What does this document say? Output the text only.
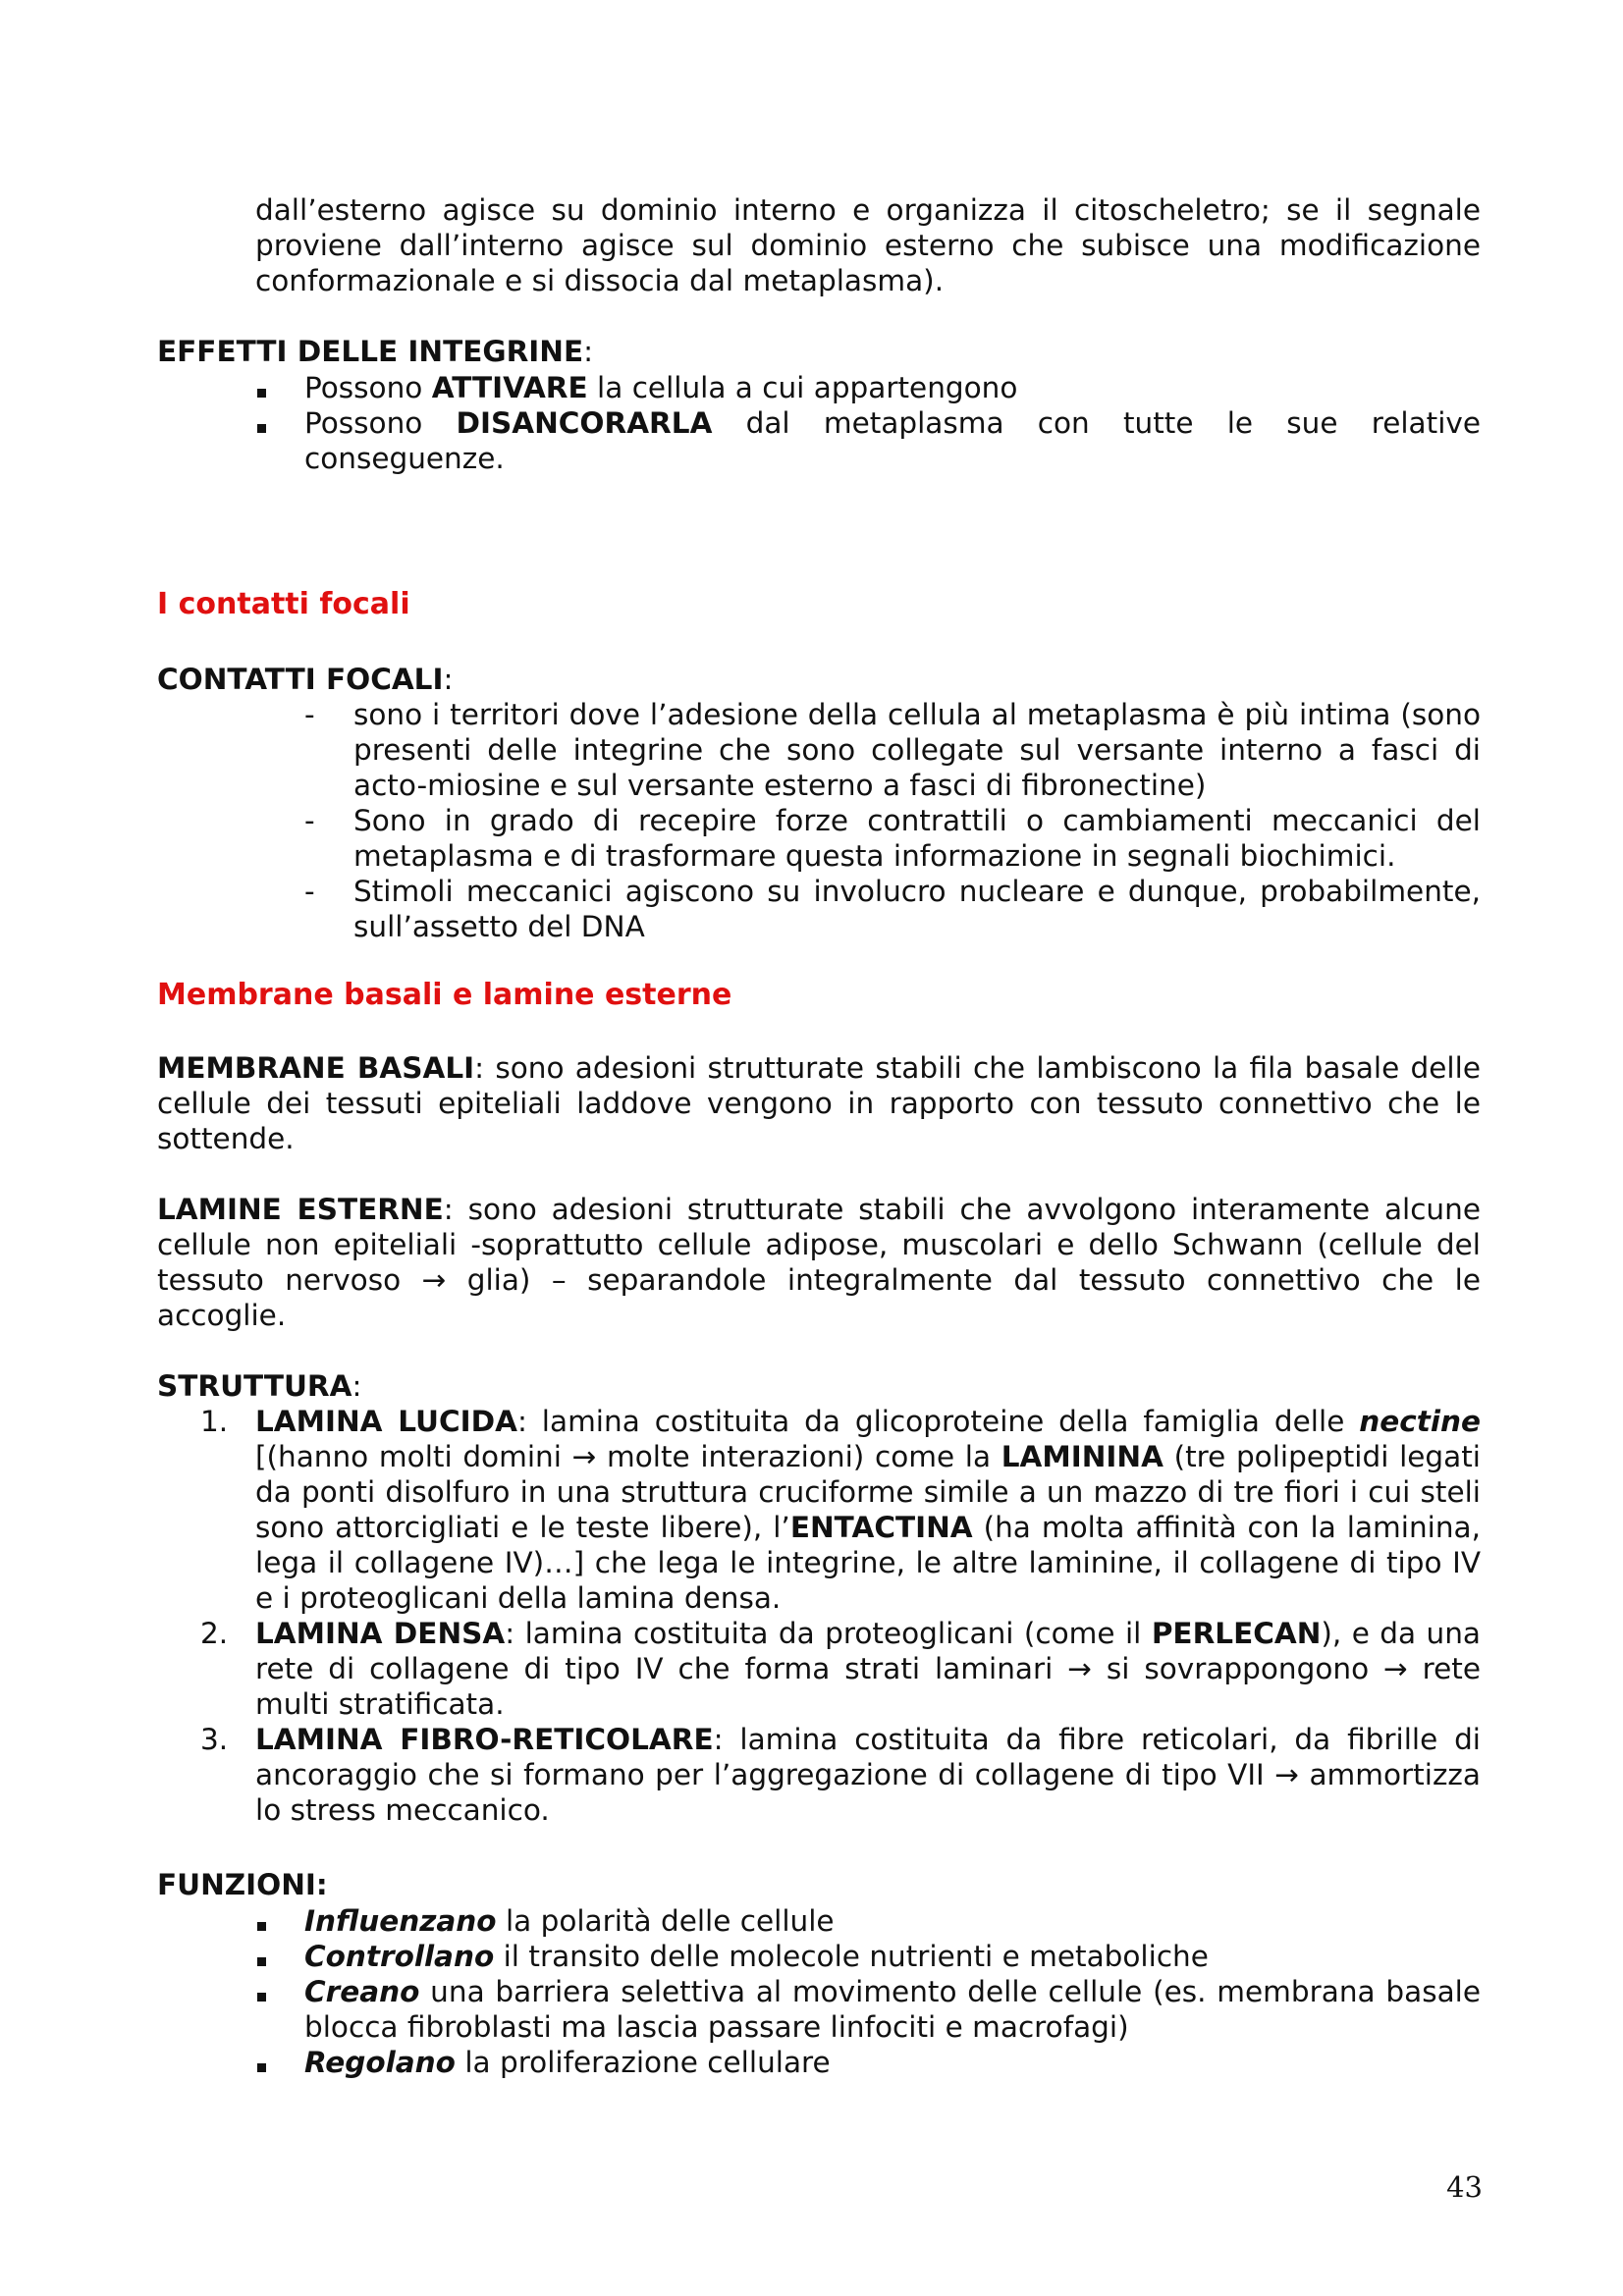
dall’esterno agisce su dominio interno e organizza il citoscheletro; se il segnale proviene dall’interno agisce sul dominio esterno che subisce una modificazione conformazionale e si dissocia dal metaplasma).

EFFETTI DELLE INTEGRINE:

Possono ATTIVARE la cellula a cui appartengono
Possono DISANCORARLA dal metaplasma con tutte le sue relative conseguenze.
I contatti focali

CONTATTI FOCALI:

-	sono i territori dove l’adesione della cellula al metaplasma è più intima (sono presenti delle integrine che sono collegate sul versante interno a fasci di acto-miosine e sul versante esterno a fasci di fibronectine)
-	Sono in grado di recepire forze contrattili o cambiamenti meccanici del metaplasma e di trasformare questa informazione in segnali biochimici.
-	Stimoli meccanici agiscono su involucro nucleare e dunque, probabilmente, sull’assetto del DNA
Membrane basali e lamine esterne

MEMBRANE BASALI: sono adesioni strutturate stabili che lambiscono la fila basale delle cellule dei tessuti epiteliali laddove vengono in rapporto con tessuto connettivo che le sottende.

LAMINE ESTERNE: sono adesioni strutturate stabili che avvolgono interamente alcune cellule non epiteliali -soprattutto cellule adipose, muscolari e dello Schwann (cellule del tessuto nervoso → glia) – separandole integralmente dal tessuto connettivo che le accoglie.

STRUTTURA:

1. LAMINA LUCIDA: lamina costituita da glicoproteine della famiglia delle nectine [(hanno molti domini → molte interazioni) come la LAMININA (tre polipeptidi legati da ponti disolfuro in una struttura cruciforme simile a un mazzo di tre fiori i cui steli sono attorcigliati e le teste libere), l’ENTACTINA (ha molta affinità con la laminina, lega il collagene IV)…] che lega le integrine, le altre laminine, il collagene di tipo IV e i proteoglicani della lamina densa.
2. LAMINA DENSA: lamina costituita da proteoglicani (come il PERLECAN), e da una rete di collagene di tipo IV che forma strati laminari → si sovrappongono → rete multi stratificata.
3. LAMINA FIBRO-RETICOLARE: lamina costituita da fibre reticolari, da fibrille di ancoraggio che si formano per l’aggregazione di collagene di tipo VII → ammortizza lo stress meccanico.

FUNZIONI:

Influenzano la polarità delle cellule
Controllano il transito delle molecole nutrienti e metaboliche
Creano una barriera selettiva al movimento delle cellule (es. membrana basale blocca fibroblasti ma lascia passare linfociti e macrofagi)
Regolano la proliferazione cellulare
43
